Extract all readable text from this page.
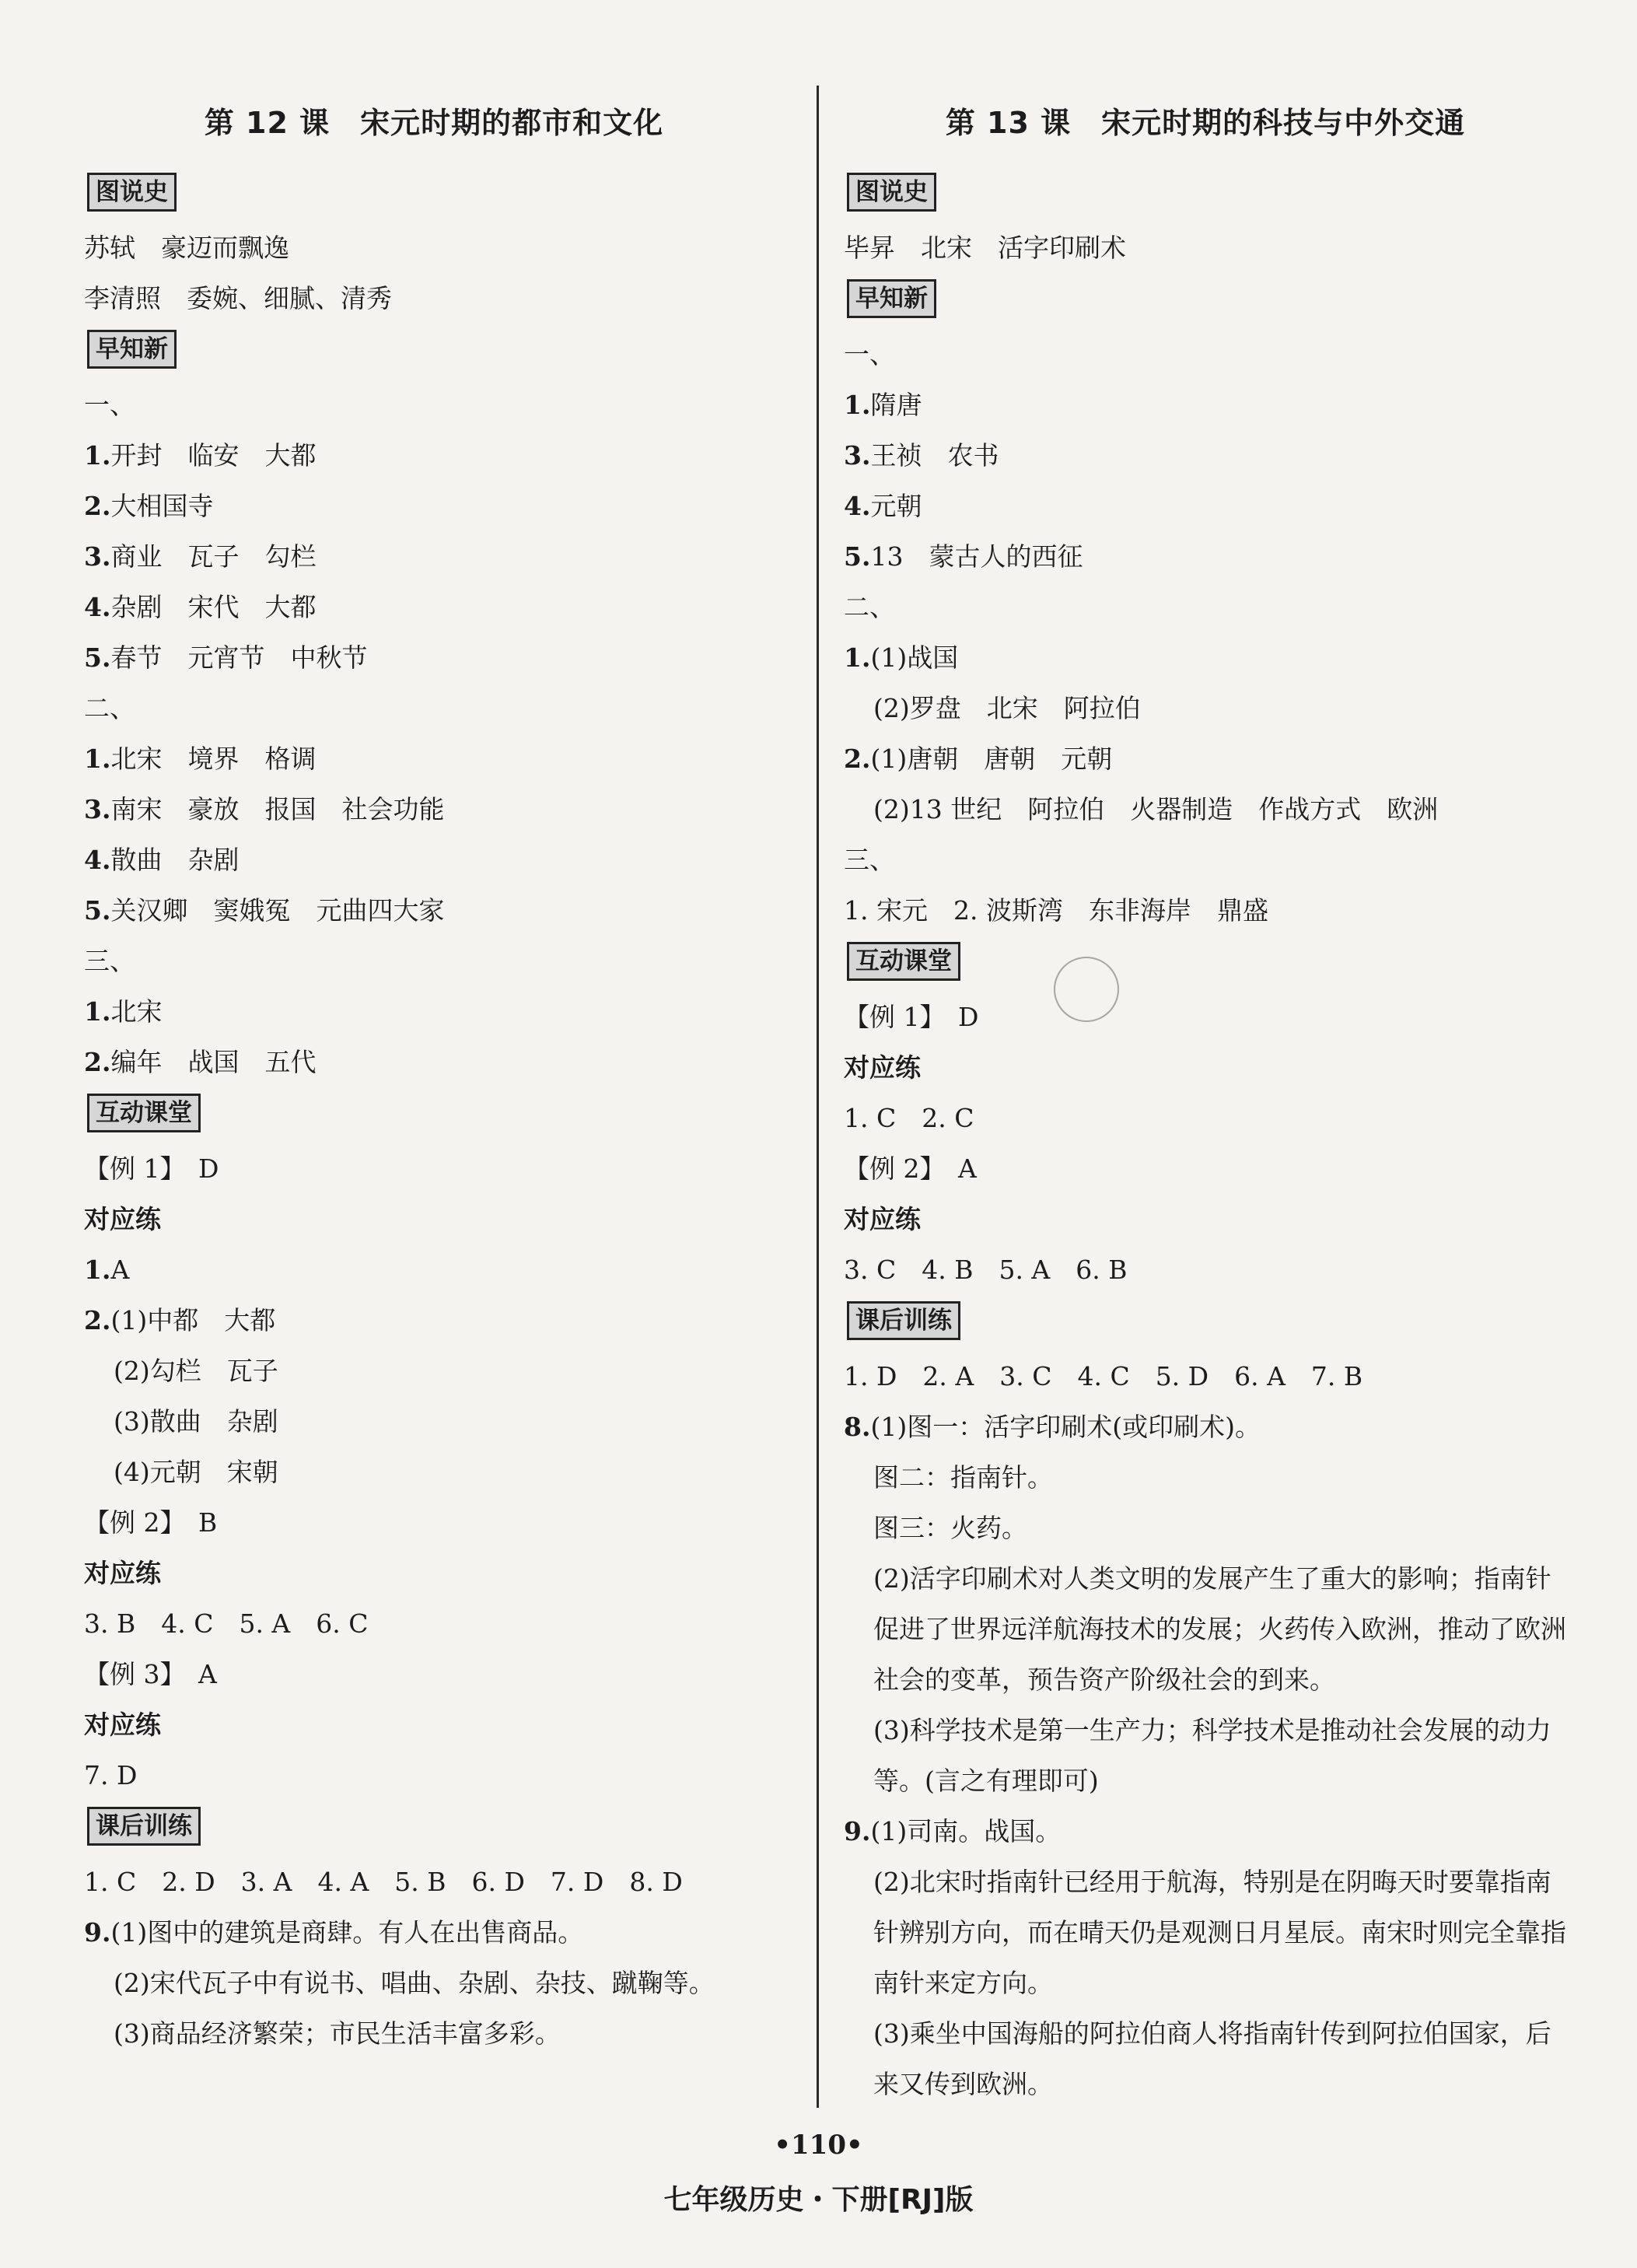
第 12 课　宋元时期的都市和文化
图说史
苏轼　豪迈而飘逸
李清照　委婉、细腻、清秀
早知新
一、
1.开封　临安　大都
2.大相国寺
3.商业　瓦子　勾栏
4.杂剧　宋代　大都
5.春节　元宵节　中秋节
二、
1.北宋　境界　格调
3.南宋　豪放　报国　社会功能
4.散曲　杂剧
5.关汉卿　窦娥冤　元曲四大家
三、
1.北宋
2.编年　战国　五代
互动课堂
【例 1】　D
对应练
1.A
2.(1)中都　大都
(2)勾栏　瓦子
(3)散曲　杂剧
(4)元朝　宋朝
【例 2】　B
对应练
3. B　4. C　5. A　6. C
【例 3】　A
对应练
7. D
课后训练
1. C　2. D　3. A　4. A　5. B　6. D　7. D　8. D
9.(1)图中的建筑是商肆。有人在出售商品。
(2)宋代瓦子中有说书、唱曲、杂剧、杂技、蹴鞠等。
(3)商品经济繁荣；市民生活丰富多彩。
第 13 课　宋元时期的科技与中外交通
图说史
毕昇　北宋　活字印刷术
早知新
一、
1.隋唐
3.王祯　农书
4.元朝
5.13　蒙古人的西征
二、
1.(1)战国
(2)罗盘　北宋　阿拉伯
2.(1)唐朝　唐朝　元朝
(2)13 世纪　阿拉伯　火器制造　作战方式　欧洲
三、
1. 宋元　2. 波斯湾　东非海岸　鼎盛
互动课堂
【例 1】　D
对应练
1. C　2. C
【例 2】　A
对应练
3. C　4. B　5. A　6. B
课后训练
1. D　2. A　3. C　4. C　5. D　6. A　7. B
8.(1)图一：活字印刷术(或印刷术)。
图二：指南针。
图三：火药。
(2)活字印刷术对人类文明的发展产生了重大的影响；指南针促进了世界远洋航海技术的发展；火药传入欧洲，推动了欧洲社会的变革，预告资产阶级社会的到来。
(3)科学技术是第一生产力；科学技术是推动社会发展的动力等。(言之有理即可)
9.(1)司南。战国。
(2)北宋时指南针已经用于航海，特别是在阴晦天时要靠指南针辨别方向，而在晴天仍是观测日月星辰。南宋时则完全靠指南针来定方向。
(3)乘坐中国海船的阿拉伯商人将指南针传到阿拉伯国家，后来又传到欧洲。
•110•
七年级历史・下册[RJ]版
